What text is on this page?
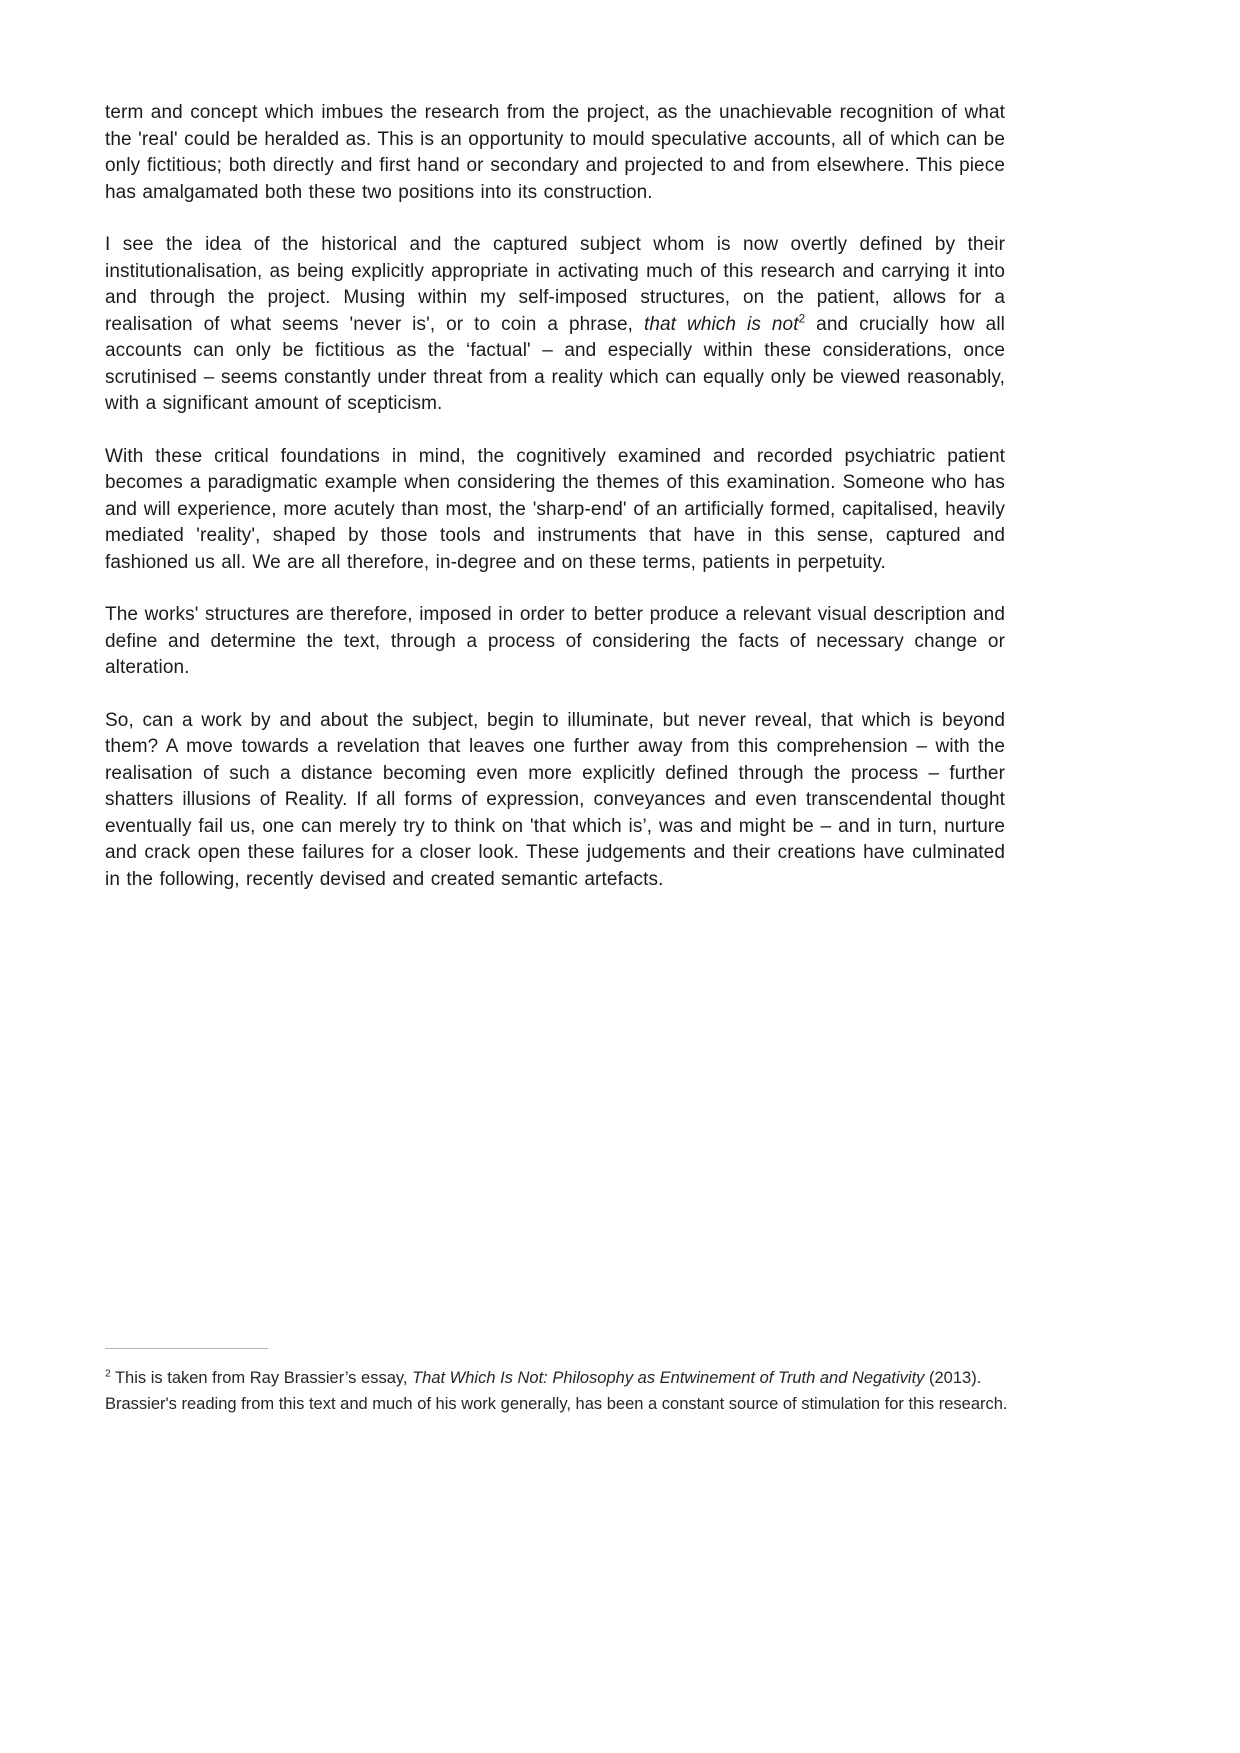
term and concept which imbues the research from the project, as the unachievable recognition of what the 'real' could be heralded as. This is an opportunity to mould speculative accounts, all of which can be only fictitious; both directly and first hand or secondary and projected to and from elsewhere. This piece has amalgamated both these two positions into its construction.

I see the idea of the historical and the captured subject whom is now overtly defined by their institutionalisation, as being explicitly appropriate in activating much of this research and carrying it into and through the project. Musing within my self-imposed structures, on the patient, allows for a realisation of what seems 'never is', or to coin a phrase, that which is not$^2$ and crucially how all accounts can only be fictitious as the ‘factual' – and especially within these considerations, once scrutinised – seems constantly under threat from a reality which can equally only be viewed reasonably, with a significant amount of scepticism.

With these critical foundations in mind, the cognitively examined and recorded psychiatric patient becomes a paradigmatic example when considering the themes of this examination. Someone who has and will experience, more acutely than most, the 'sharp-end' of an artificially formed, capitalised, heavily mediated 'reality', shaped by those tools and instruments that have in this sense, captured and fashioned us all. We are all therefore, in-degree and on these terms, patients in perpetuity.

The works' structures are therefore, imposed in order to better produce a relevant visual description and define and determine the text, through a process of considering the facts of necessary change or alteration.

So, can a work by and about the subject, begin to illuminate, but never reveal, that which is beyond them? A move towards a revelation that leaves one further away from this comprehension – with the realisation of such a distance becoming even more explicitly defined through the process – further shatters illusions of Reality. If all forms of expression, conveyances and even transcendental thought eventually fail us, one can merely try to think on 'that which is’, was and might be – and in turn, nurture and crack open these failures for a closer look. These judgements and their creations have culminated in the following, recently devised and created semantic artefacts.

$^2$ This is taken from Ray Brassier’s essay, That Which Is Not: Philosophy as Entwinement of Truth and Negativity (2013). Brassier's reading from this text and much of his work generally, has been a constant source of stimulation for this research.
